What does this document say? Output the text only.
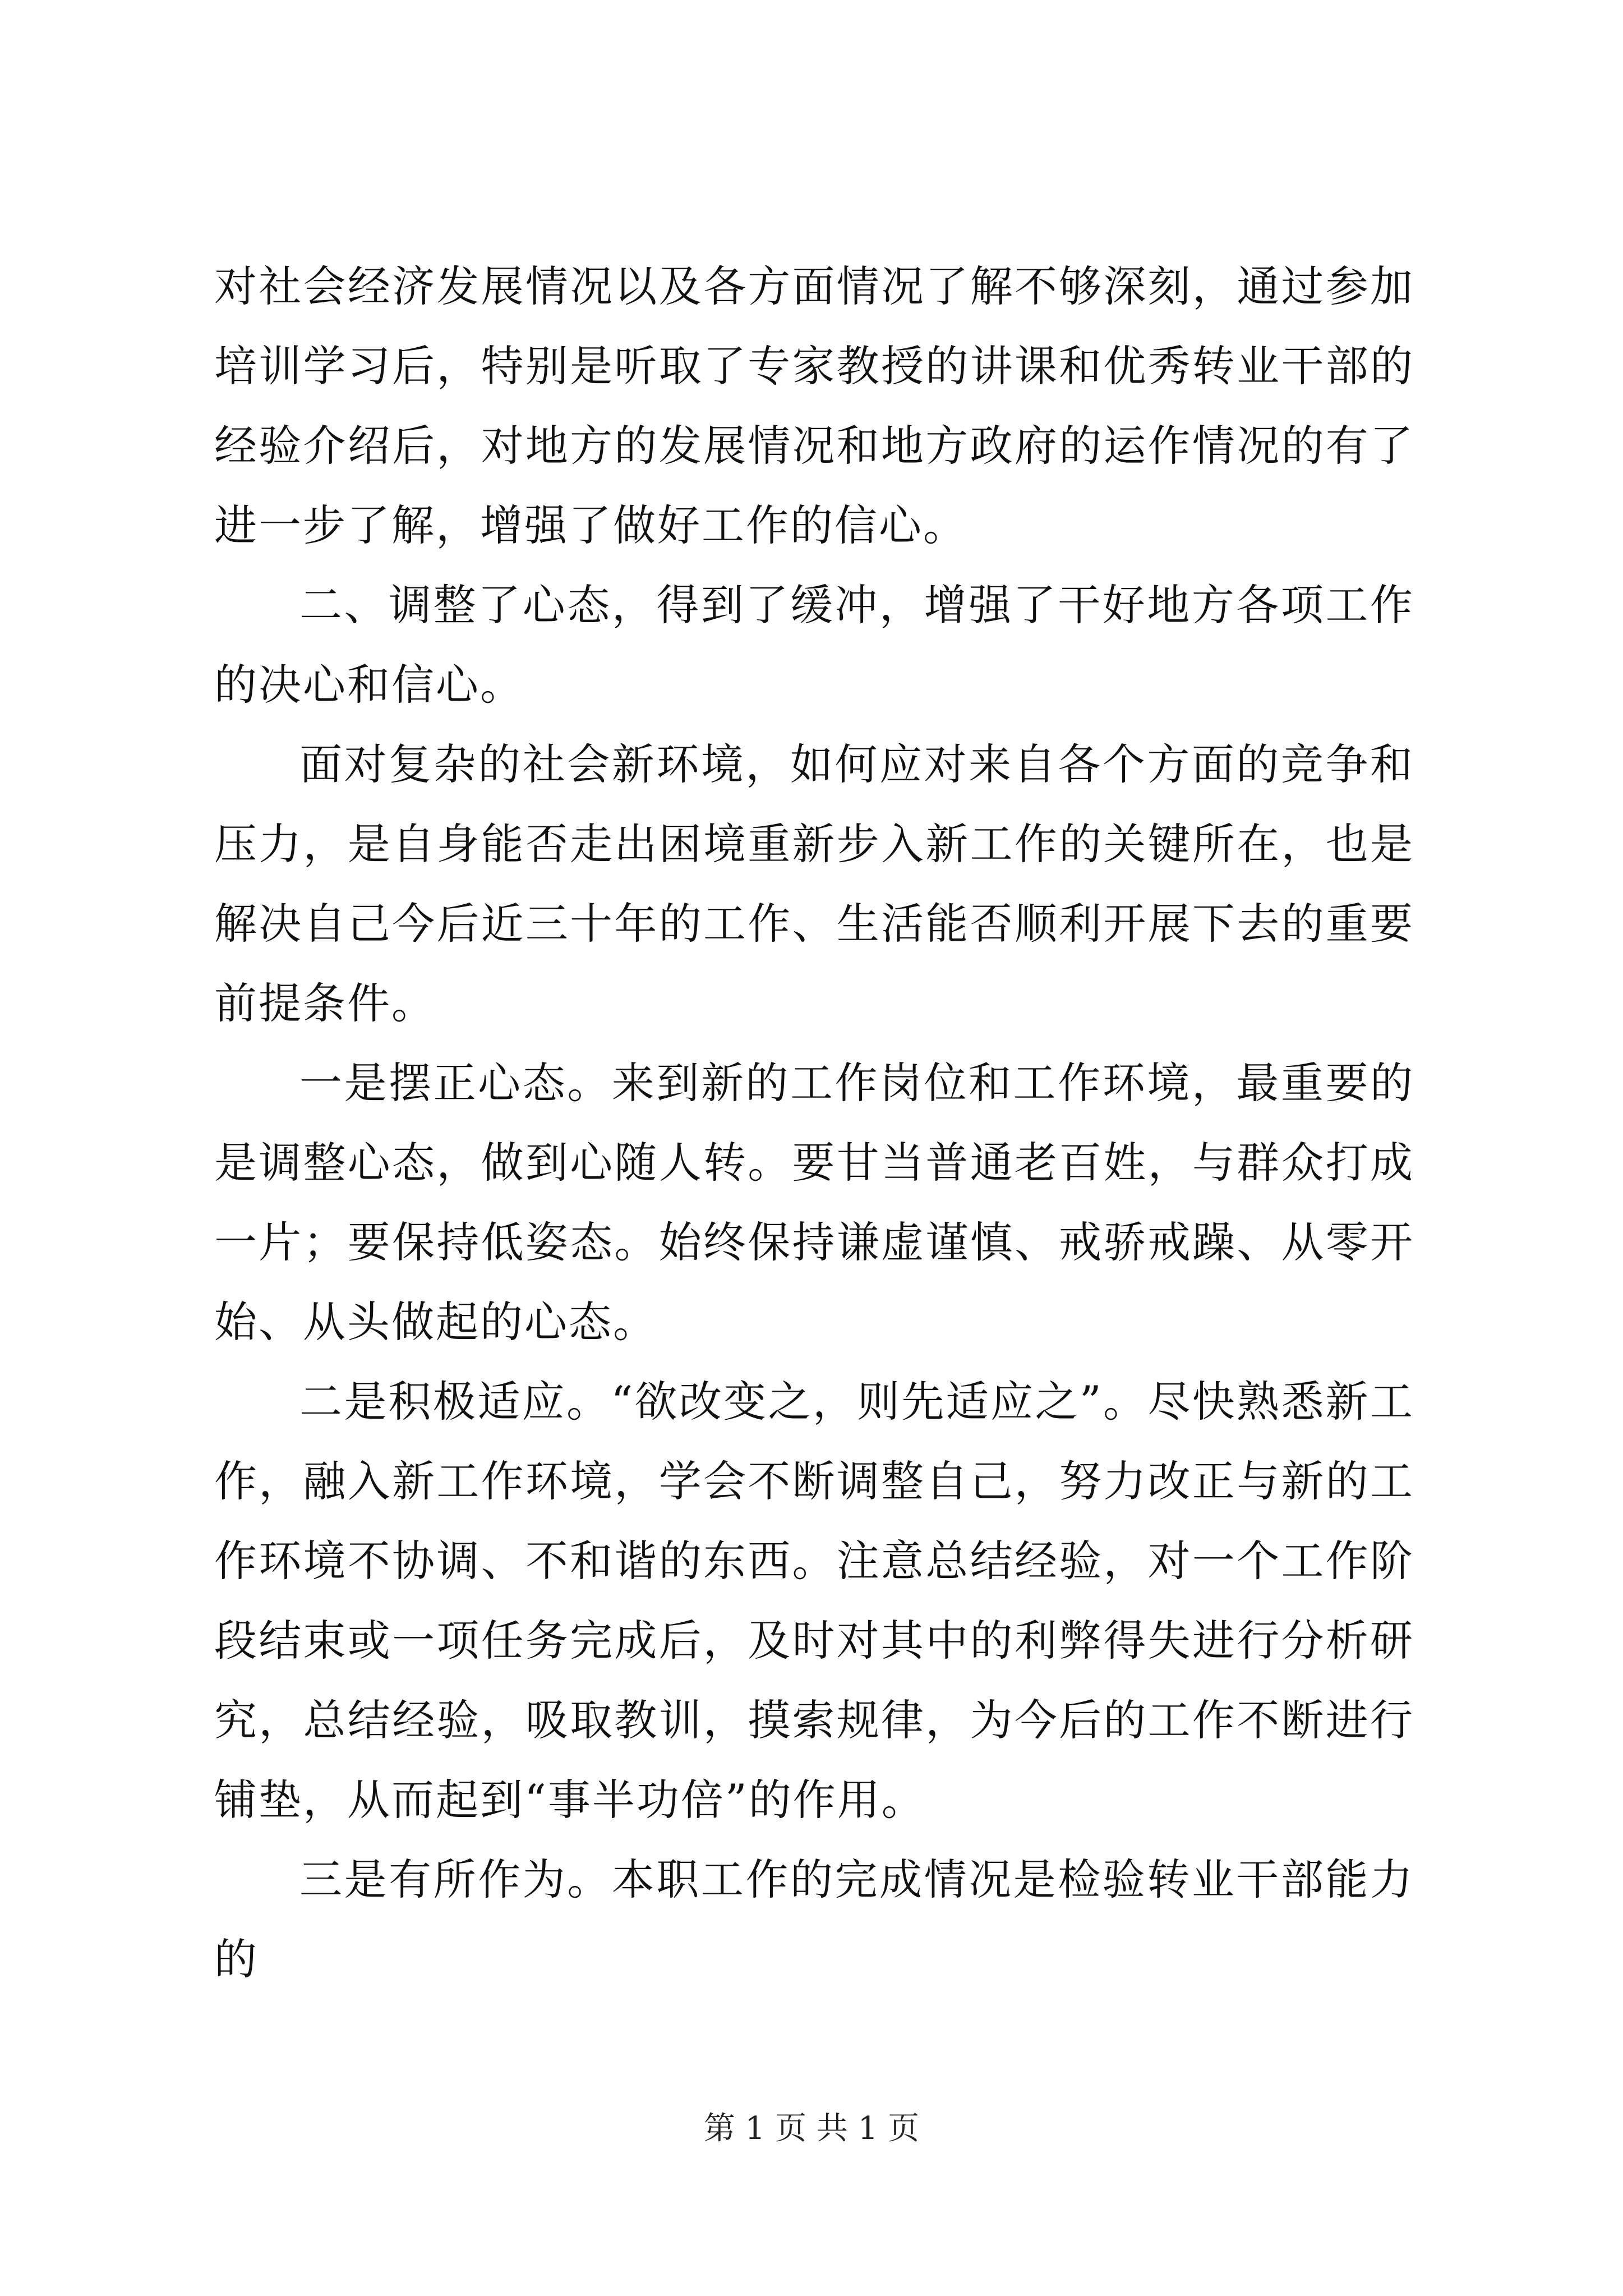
对社会经济发展情况以及各方面情况了解不够深刻，通过参加培训学习后，特别是听取了专家教授的讲课和优秀转业干部的经验介绍后，对地方的发展情况和地方政府的运作情况的有了进一步了解，增强了做好工作的信心。

二、调整了心态，得到了缓冲，增强了干好地方各项工作的决心和信心。

面对复杂的社会新环境，如何应对来自各个方面的竞争和压力，是自身能否走出困境重新步入新工作的关键所在，也是解决自己今后近三十年的工作、生活能否顺利开展下去的重要前提条件。

一是摆正心态。来到新的工作岗位和工作环境，最重要的是调整心态，做到心随人转。要甘当普通老百姓，与群众打成一片；要保持低姿态。始终保持谦虚谨慎、戒骄戒躁、从零开始、从头做起的心态。

二是积极适应。“欲改变之，则先适应之”。尽快熟悉新工作，融入新工作环境，学会不断调整自己，努力改正与新的工作环境不协调、不和谐的东西。注意总结经验，对一个工作阶段结束或一项任务完成后，及时对其中的利弊得失进行分析研究，总结经验，吸取教训，摸索规律，为今后的工作不断进行铺垫，从而起到“事半功倍”的作用。

三是有所作为。本职工作的完成情况是检验转业干部能力的

第 1 页 共 1 页
